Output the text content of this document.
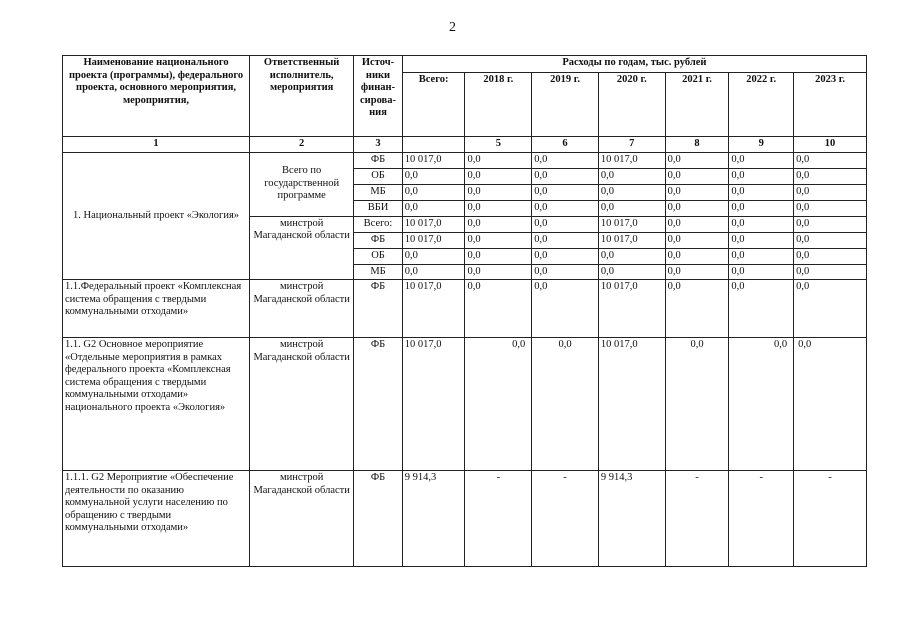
2
Наименование национального проекта (программы), федерального проекта, основного мероприятия, мероприятия,	Ответственный исполнитель, мероприятия	Источ-ники финан-сирова-ния	Расходы по годам, тыс. рублей						
			Всего:	2018 г.	2019 г.	2020 г.	2021 г.	2022 г.	2023 г.
1	2	3		5	6	7	8	9	10
1. Национальный проект «Экология»	Всего по государственной программе	ФБ	10 017,0	0,0	0,0	10 017,0	0,0	0,0	0,0
		ОБ	0,0	0,0	0,0	0,0	0,0	0,0	0,0
		МБ	0,0	0,0	0,0	0,0	0,0	0,0	0,0
		ВБИ	0,0	0,0	0,0	0,0	0,0	0,0	0,0
	минстрой Магаданской области	Всего:	10 017,0	0,0	0,0	10 017,0	0,0	0,0	0,0
		ФБ	10 017,0	0,0	0,0	10 017,0	0,0	0,0	0,0
		ОБ	0,0	0,0	0,0	0,0	0,0	0,0	0,0
		МБ	0,0	0,0	0,0	0,0	0,0	0,0	0,0
1.1.Федеральный проект «Комплексная система обращения с твердыми коммунальными отходами»	минстрой Магаданской области	ФБ	10 017,0	0,0	0,0	10 017,0	0,0	0,0	0,0
1.1. G2 Основное мероприятие «Отдельные мероприятия в рамках федерального проекта «Комплексная система обращения с твердыми коммунальными отходами» национального проекта «Экология»	минстрой Магаданской области	ФБ	10 017,0	0,0	0,0	10 017,0	0,0	0,0	0,0
1.1.1. G2 Мероприятие «Обеспечение деятельности по оказанию коммунальной услуги населению по обращению с твердыми коммунальными отходами»	минстрой Магаданской области	ФБ	9 914,3	-	-	9 914,3	-	-	-
